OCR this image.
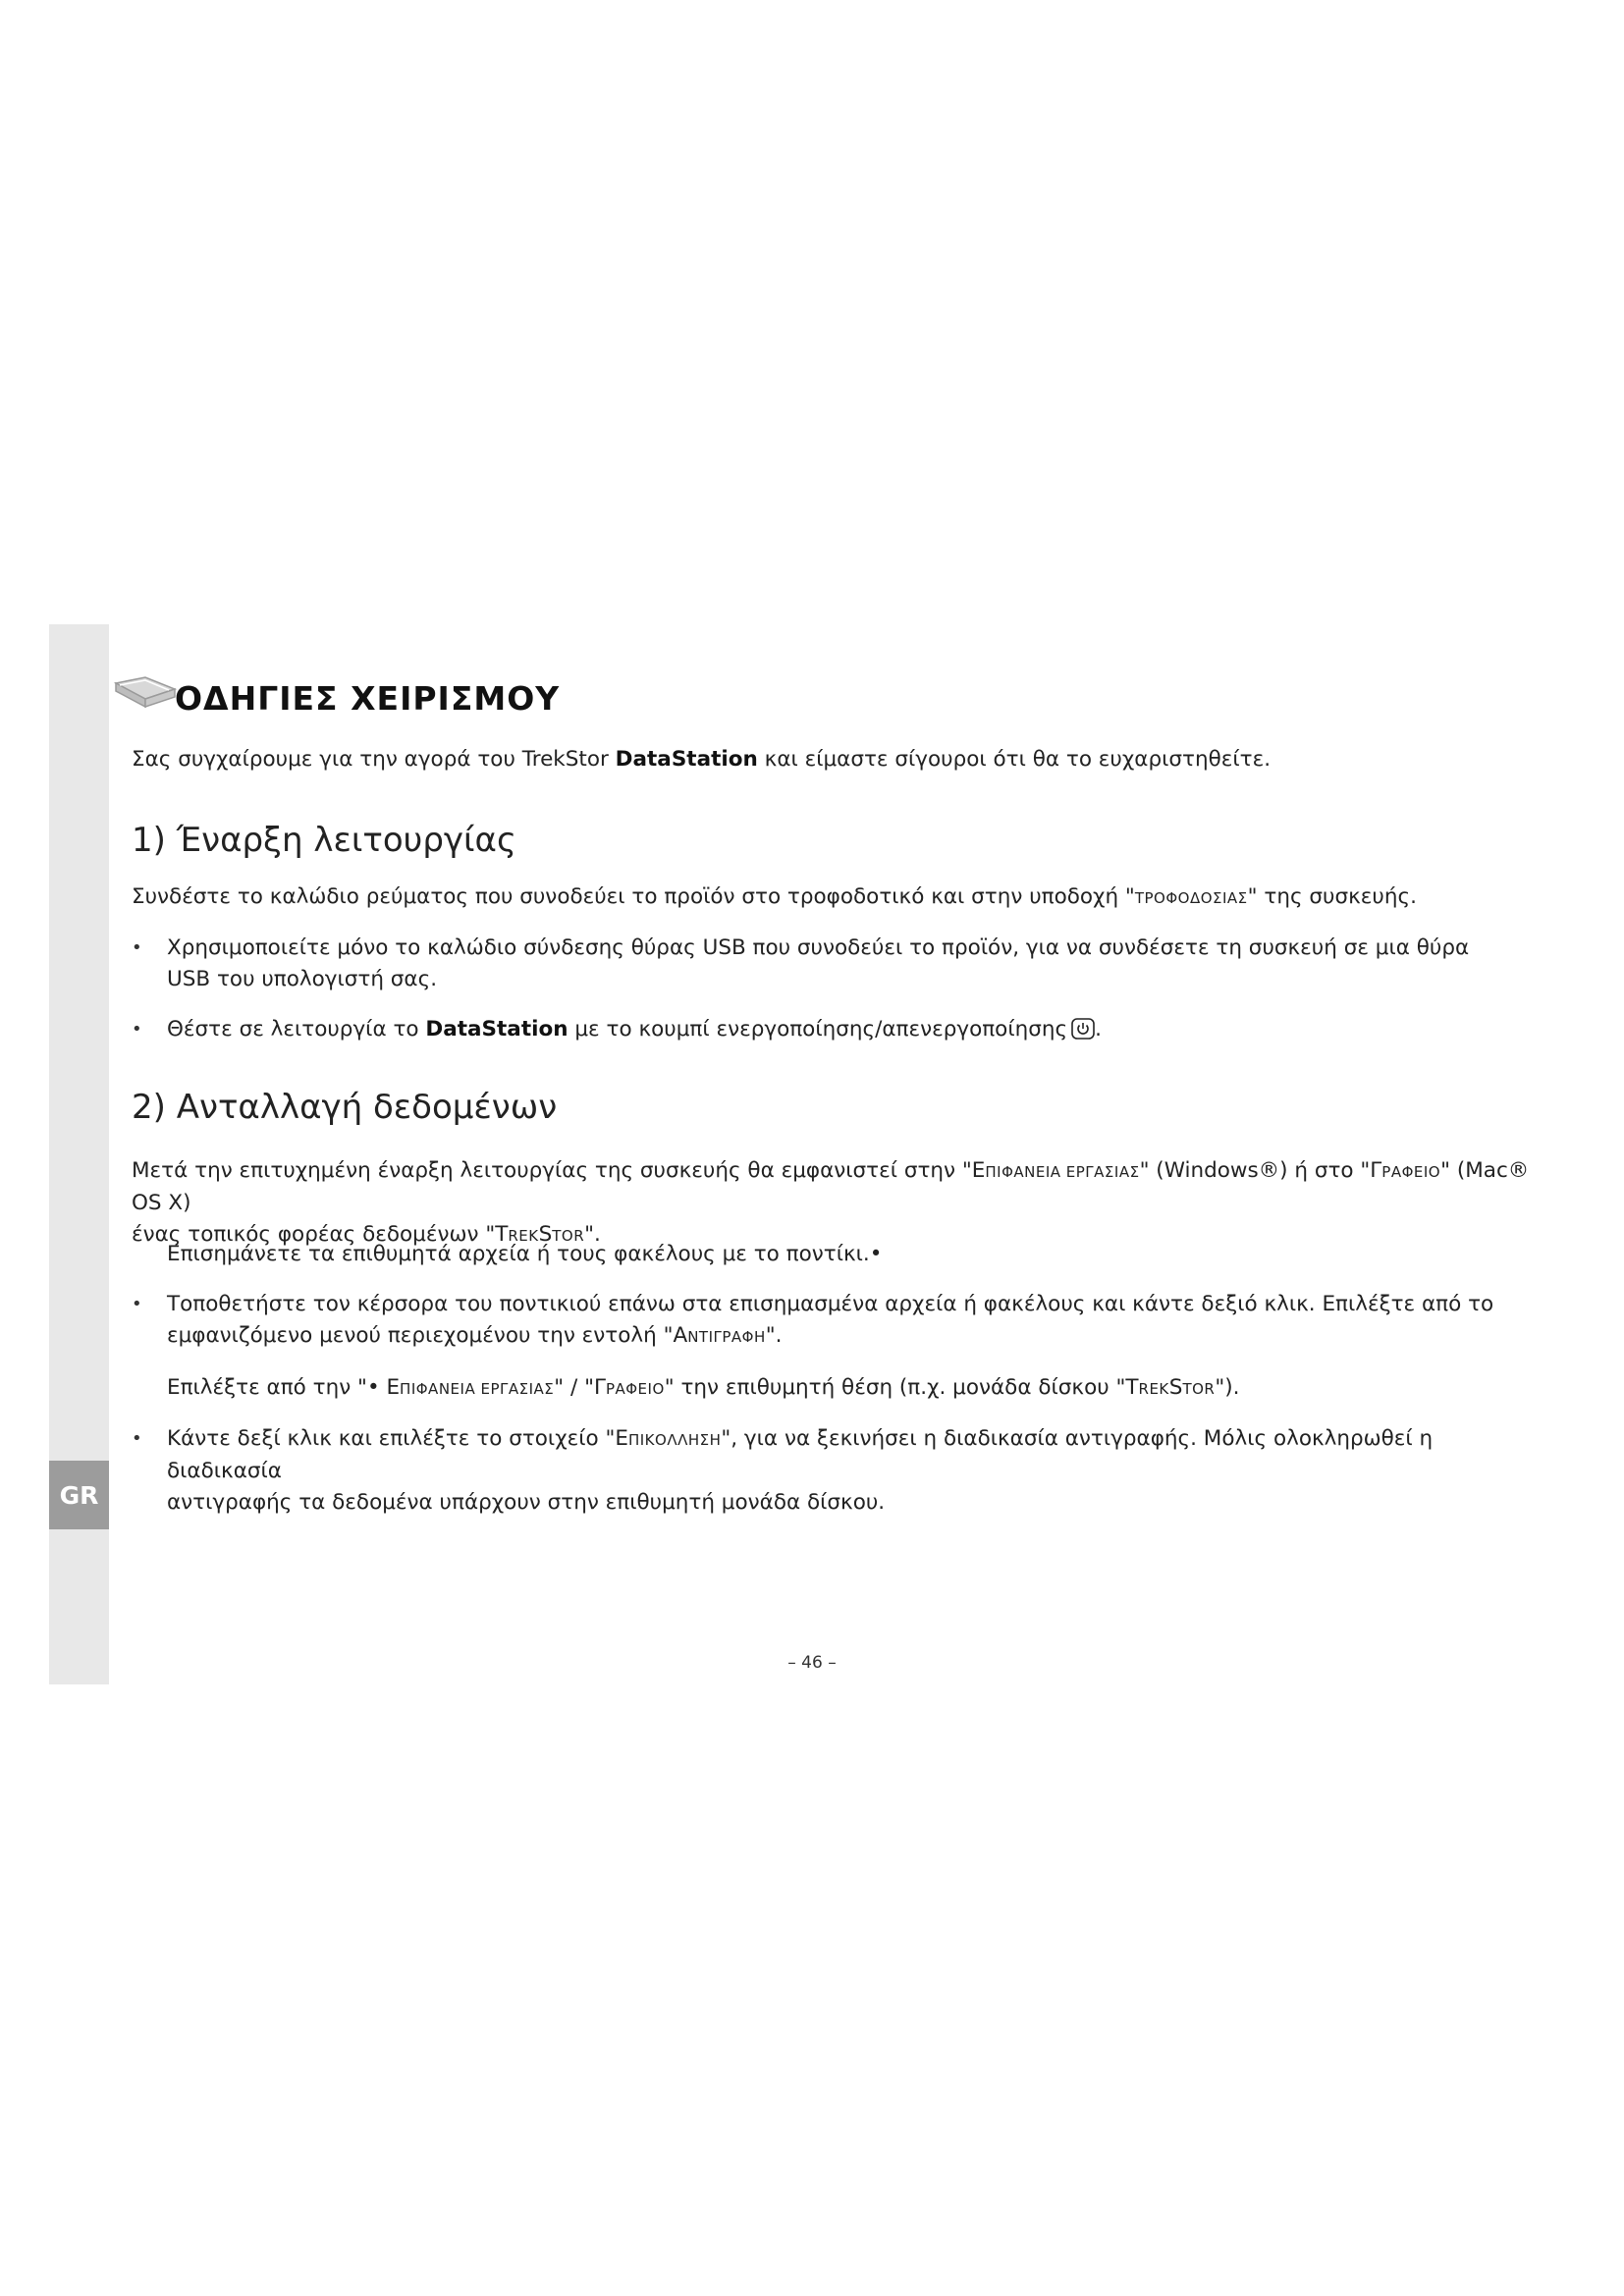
GR
ΟΔΗΓΙΕΣ ΧΕΙΡΙΣΜΟΥ

Σας συγχαίρουμε για την αγορά του TrekStor DataStation και είμαστε σίγουροι ότι θα το ευχαριστηθείτε.

1) Έναρξη λειτουργίας

Συνδέστε το καλώδιο ρεύματος που συνοδεύει το προϊόν στο τροφοδοτικό και στην υποδοχή "ΤΡΟΦΟΔΟΣΙΑΣ" της συσκευής.

• Χρησιμοποιείτε μόνο το καλώδιο σύνδεσης θύρας USB που συνοδεύει το προϊόν, για να συνδέσετε τη συσκευή σε μια θύρα
USB του υπολογιστή σας.

• Θέστε σε λειτουργία το DataStation με το κουμπί ενεργοποίησης/απενεργοποίησης .

2) Ανταλλαγή δεδομένων

Μετά την επιτυχημένη έναρξη λειτουργίας της συσκευής θα εμφανιστεί στην "ΕΠΙΦΑΝΕΙΑ ΕΡΓΑΣΙΑΣ" (Windows®) ή στο "ΓΡΑΦΕΙΟ" (Mac® OS X)
ένας τοπικός φορέας δεδομένων "TREKSTOR".

Επισημάνετε τα επιθυμητά αρχεία ή τους φακέλους με το ποντίκι.•

• Τοποθετήστε τον κέρσορα του ποντικιού επάνω στα επισημασμένα αρχεία ή φακέλους και κάντε δεξιό κλικ. Επιλέξτε από το
εμφανιζόμενο μενού περιεχομένου την εντολή "ΑΝΤΙΓΡΑΦΗ".

Επιλέξτε από την "• ΕΠΙΦΑΝΕΙΑ ΕΡΓΑΣΙΑΣ" / "ΓΡΑΦΕΙΟ" την επιθυμητή θέση (π.χ. μονάδα δίσκου "TREKSTOR").

• Κάντε δεξί κλικ και επιλέξτε το στοιχείο "ΕΠΙΚΟΛΛΗΣΗ", για να ξεκινήσει η διαδικασία αντιγραφής. Μόλις ολοκληρωθεί η διαδικασία
αντιγραφής τα δεδομένα υπάρχουν στην επιθυμητή μονάδα δίσκου.

– 46 –
